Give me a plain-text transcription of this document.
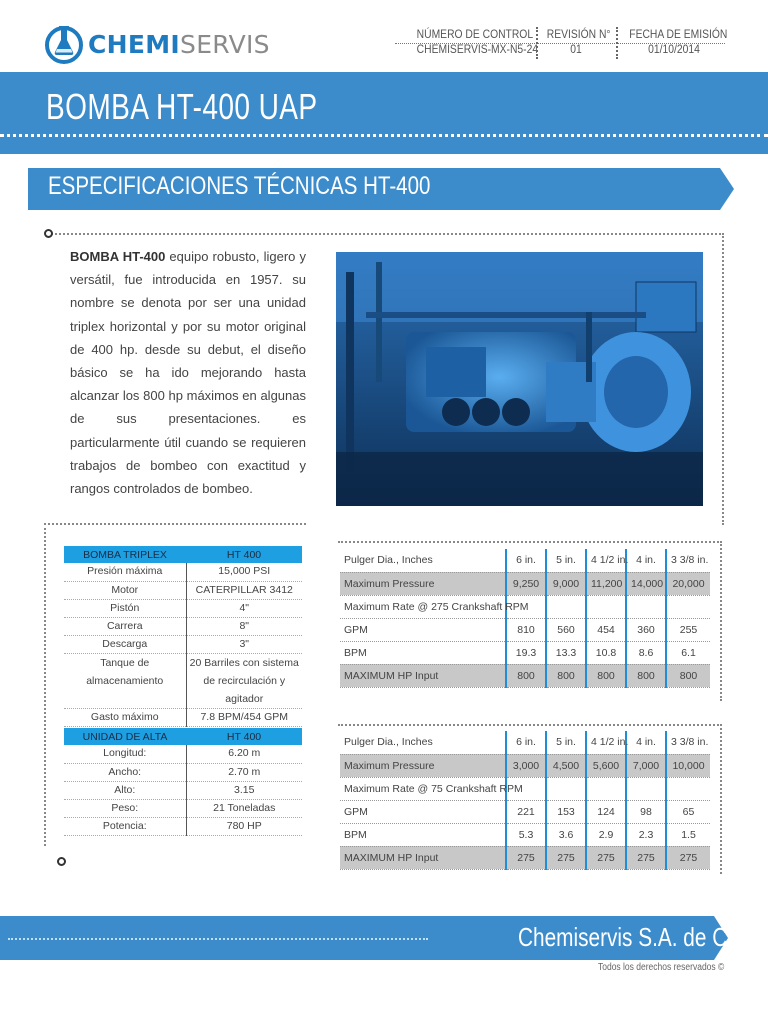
CHEMISERVIS	NÚMERO DE CONTROL
CHEMISERVIS-MX-N5-24
REVISIÓN N°
01
FECHA DE EMISIÓN
01/10/2014
BOMBA HT-400 UAP
ESPECIFICACIONES TÉCNICAS HT-400

BOMBA HT-400 equipo robusto, ligero y versátil, fue introducida en 1957. su nombre se denota por ser una unidad triplex horizontal y por su motor original de 400 hp. desde su debut, el diseño básico se ha ido mejorando hasta alcanzar los 800 hp máximos en algunas de sus presentaciones. es particularmente útil cuando se requieren trabajos de bombeo con exactitud y rangos controlados de bombeo.

BOMBA TRIPLEX	HT 400
Presión máxima	15,000 PSI
Motor	CATERPILLAR 3412
Pistón	4"
Carrera	8"
Descarga	3"
Tanque de almacenamiento	20 Barriles con sistema de recirculación y agitador
Gasto máximo	7.8 BPM/454 GPM
UNIDAD DE ALTA	HT 400
Longitud:	6.20 m
Ancho:	2.70 m
Alto:	3.15
Peso:	21 Toneladas
Potencia:	780 HP
Pulger Dia., Inches	6 in.	5 in.	4 1/2 in.	4 in.	3 3/8 in.
Maximum Pressure	9,250	9,000	11,200	14,000	20,000
Maximum Rate @ 275 Crankshaft RPM					
GPM	810	560	454	360	255
BPM	19.3	13.3	10.8	8.6	6.1
MAXIMUM HP Input	800	800	800	800	800
Pulger Dia., Inches	6 in.	5 in.	4 1/2 in.	4 in.	3 3/8 in.
Maximum Pressure	3,000	4,500	5,600	7,000	10,000
Maximum Rate @ 75 Crankshaft RPM					
GPM	221	153	124	98	65
BPM	5.3	3.6	2.9	2.3	1.5
MAXIMUM HP Input	275	275	275	275	275
Chemiservis S.A. de C.V.
Todos los derechos reservados ©
